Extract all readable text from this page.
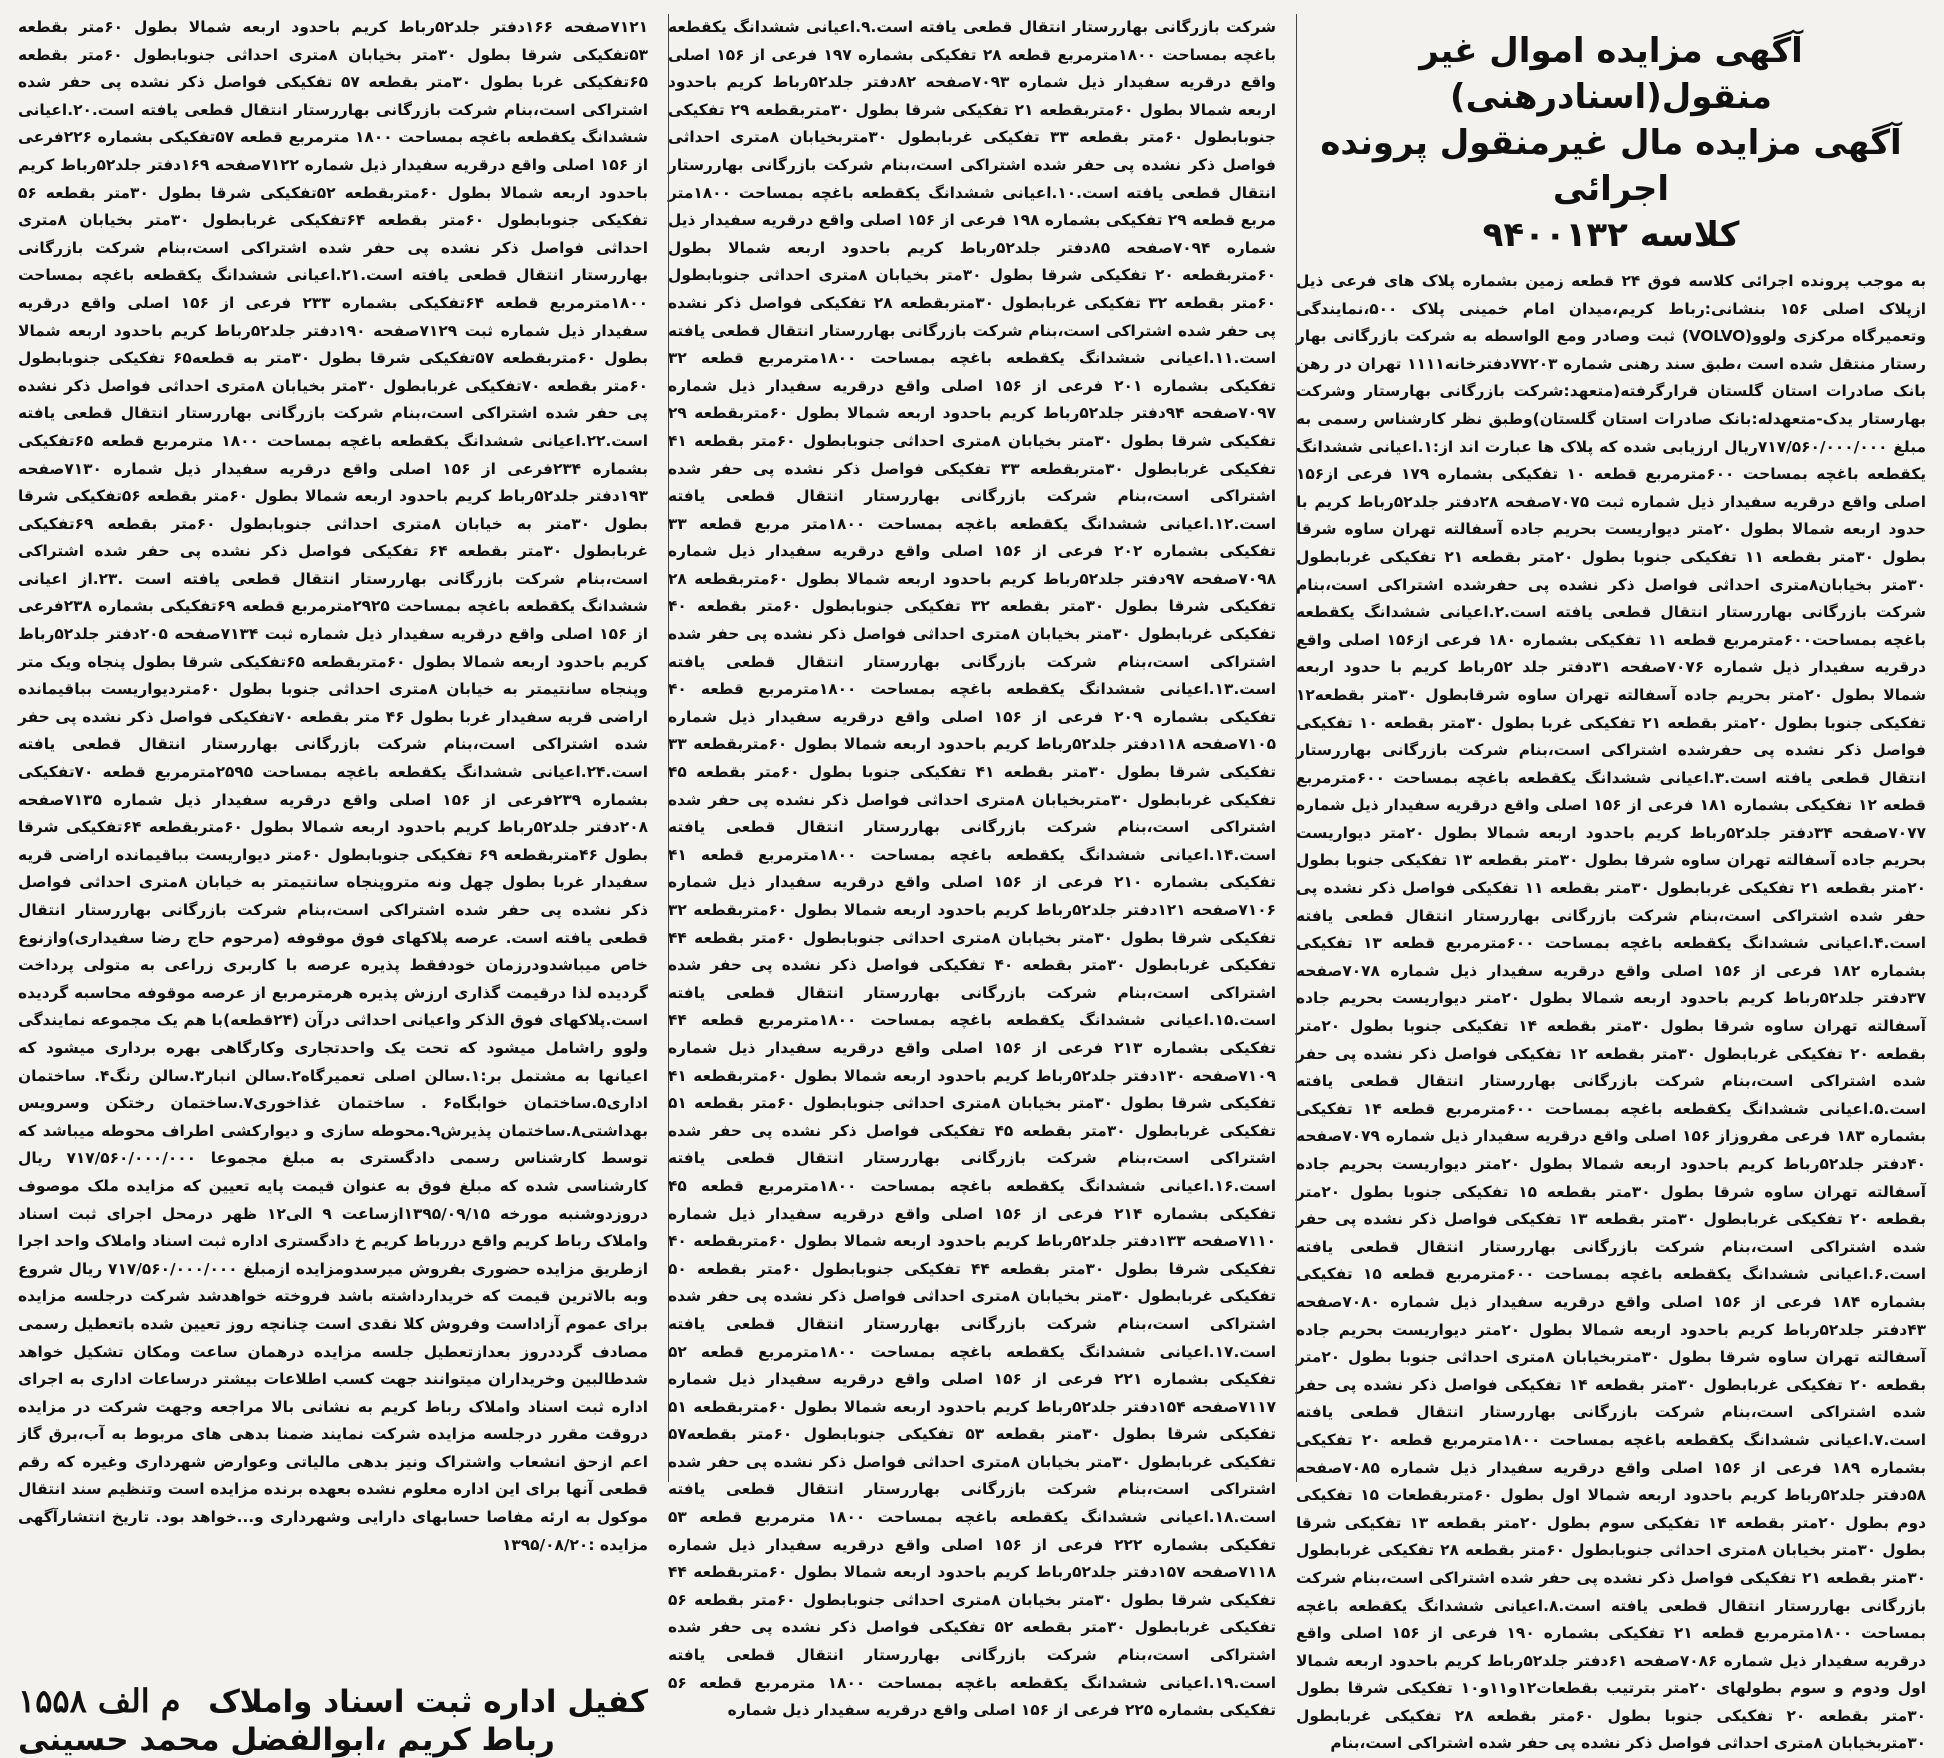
آگهی مزایده اموال غیر منقول(اسنادرهنی)

آگهی مزایده مال غیرمنقول پرونده اجرائی

کلاسه ۹۴۰۰۱۳۲

به موجب پرونده اجرائی کلاسه فوق ۲۴ قطعه زمین بشماره پلاک های فرعی ذیل ازپلاک اصلی ۱۵۶ بنشانی:رباط کریم،میدان امام خمینی پلاک ۵۰۰،نمایندگی وتعمیرگاه مرکزی ولوو(VOLVO) ثبت وصادر ومع الواسطه به شرکت بازرگانی بهار رستار منتقل شده است ،طبق سند رهنی شماره ۷۷۲۰۳دفترخانه۱۱۱۱ تهران در رهن بانک صادرات استان گلستان قرارگرفته(متعهد:شرکت بازرگانی بهارستار وشرکت بهارستار یدک-متعهدله:بانک صادرات استان گلستان)وطبق نظر کارشناس رسمی به مبلغ ۷۱۷/۵۶۰/۰۰۰/۰۰۰ریال ارزیابی شده که پلاک ها عبارت اند از:۱.اعیانی ششدانگ یکقطعه باغچه بمساحت ۶۰۰مترمربع قطعه ۱۰ تفکیکی بشماره ۱۷۹ فرعی از۱۵۶ اصلی واقع درقریه سفیدار ذیل شماره ثبت ۷۰۷۵صفحه ۲۸دفتر جلد۵۲رباط کریم با حدود اربعه شمالا بطول ۲۰متر دیواریست بحریم جاده آسفالته تهران ساوه شرقا بطول ۳۰متر بقطعه ۱۱ تفکیکی جنوبا بطول ۲۰متر بقطعه ۲۱ تفکیکی غربابطول ۳۰متر بخیابان۸متری احداثی فواصل ذکر نشده پی حفرشده اشتراکی است،بنام شرکت بازرگانی بهاررستار انتقال قطعی یافته است.۲.اعیانی ششدانگ یکقطعه باغچه بمساحت۶۰۰مترمربع قطعه ۱۱ تفکیکی بشماره ۱۸۰ فرعی از۱۵۶ اصلی واقع درقریه سفیدار ذیل شماره ۷۰۷۶صفحه ۳۱دفتر جلد ۵۲رباط کریم با حدود اربعه شمالا بطول ۲۰متر بحریم جاده آسفالته تهران ساوه شرقابطول ۳۰متر بقطعه۱۲ تفکیکی جنوبا بطول ۲۰متر بقطعه ۲۱ تفکیکی غربا بطول ۳۰متر بقطعه ۱۰ تفکیکی فواصل ذکر نشده پی حفرشده اشتراکی است،بنام شرکت بازرگانی بهاررستار انتقال قطعی یافته است.۳.اعیانی ششدانگ یکقطعه باغچه بمساحت ۶۰۰مترمربع قطعه ۱۲ تفکیکی بشماره ۱۸۱ فرعی از ۱۵۶ اصلی واقع درقریه سفیدار ذیل شماره ۷۰۷۷صفحه ۳۴دفتر جلد۵۲رباط کریم باحدود اربعه شمالا بطول ۲۰متر دیواریست بحریم جاده آسفالته تهران ساوه شرقا بطول ۳۰متر بقطعه ۱۳ تفکیکی جنوبا بطول ۲۰متر بقطعه ۲۱ تفکیکی غربابطول ۳۰متر بقطعه ۱۱ تفکیکی فواصل ذکر نشده پی حفر شده اشتراکی است،بنام شرکت بازرگانی بهاررستار انتقال قطعی یافته است.۴.اعیانی ششدانگ یکقطعه باغچه بمساحت ۶۰۰مترمربع قطعه ۱۳ تفکیکی بشماره ۱۸۲ فرعی از ۱۵۶ اصلی واقع درقریه سفیدار ذیل شماره ۷۰۷۸صفحه ۳۷دفتر جلد۵۲رباط کریم باحدود اربعه شمالا بطول ۲۰متر دیواریست بحریم جاده آسفالته تهران ساوه شرقا بطول ۳۰متر بقطعه ۱۴ تفکیکی جنوبا بطول ۲۰متر بقطعه ۲۰ تفکیکی غربابطول ۳۰متر بقطعه ۱۲ تفکیکی فواصل ذکر نشده پی حفر شده اشتراکی است،بنام شرکت بازرگانی بهاررستار انتقال قطعی یافته است.۵.اعیانی ششدانگ یکقطعه باغچه بمساحت ۶۰۰مترمربع قطعه ۱۴ تفکیکی بشماره ۱۸۳ فرعی مفروزاز ۱۵۶ اصلی واقع درقریه سفیدار ذیل شماره ۷۰۷۹صفحه ۴۰دفتر جلد۵۲رباط کریم باحدود اربعه شمالا بطول ۲۰متر دیواریست بحریم جاده آسفالته تهران ساوه شرقا بطول ۳۰متر بقطعه ۱۵ تفکیکی جنوبا بطول ۲۰متر بقطعه ۲۰ تفکیکی غربابطول ۳۰متر بقطعه ۱۳ تفکیکی فواصل ذکر نشده پی حفر شده اشتراکی است،بنام شرکت بازرگانی بهاررستار انتقال قطعی یافته است.۶.اعیانی ششدانگ یکقطعه باغچه بمساحت ۶۰۰مترمربع قطعه ۱۵ تفکیکی بشماره ۱۸۴ فرعی از ۱۵۶ اصلی واقع درقریه سفیدار ذیل شماره ۷۰۸۰صفحه ۴۳دفتر جلد۵۲رباط کریم باحدود اربعه شمالا بطول ۲۰متر دیواریست بحریم جاده آسفالته تهران ساوه شرقا بطول ۳۰متربخیابان ۸متری احداثی جنوبا بطول ۲۰متر بقطعه ۲۰ تفکیکی غربابطول ۳۰متر بقطعه ۱۴ تفکیکی فواصل ذکر نشده پی حفر شده اشتراکی است،بنام شرکت بازرگانی بهاررستار انتقال قطعی یافته است.۷.اعیانی ششدانگ یکقطعه باغچه بمساحت ۱۸۰۰مترمربع قطعه ۲۰ تفکیکی بشماره ۱۸۹ فرعی از ۱۵۶ اصلی واقع درقریه سفیدار ذیل شماره ۷۰۸۵صفحه ۵۸دفتر جلد۵۲رباط کریم باحدود اربعه شمالا اول بطول ۶۰متربقطعات ۱۵ تفکیکی دوم بطول ۲۰متر بقطعه ۱۴ تفکیکی سوم بطول ۲۰متر بقطعه ۱۳ تفکیکی شرقا بطول ۳۰متر بخیابان ۸متری احداثی جنوبابطول ۶۰متر بقطعه ۲۸ تفکیکی غربابطول ۳۰متر بقطعه ۲۱ تفکیکی فواصل ذکر نشده پی حفر شده اشتراکی است،بنام شرکت بازرگانی بهاررستار انتقال قطعی یافته است.۸.اعیانی ششدانگ یکقطعه باغچه بمساحت ۱۸۰۰مترمربع قطعه ۲۱ تفکیکی بشماره ۱۹۰ فرعی از ۱۵۶ اصلی واقع درقریه سفیدار ذیل شماره ۷۰۸۶صفحه ۶۱دفتر جلد۵۲رباط کریم باحدود اربعه شمالا اول ودوم و سوم بطولهای ۲۰متر بترتیب بقطعات۱۲و۱۱و۱۰ تفکیکی شرقا بطول ۳۰متر بقطعه ۲۰ تفکیکی جنوبا بطول ۶۰متر بقطعه ۲۸ تفکیکی غربابطول ۳۰متربخیابان ۸متری احداثی فواصل ذکر نشده پی حفر شده اشتراکی است،بنام

شرکت بازرگانی بهاررستار انتقال قطعی یافته است.۹.اعیانی ششدانگ یکقطعه باغچه بمساحت ۱۸۰۰مترمربع قطعه ۲۸ تفکیکی بشماره ۱۹۷ فرعی از ۱۵۶ اصلی واقع درقریه سفیدار ذیل شماره ۷۰۹۳صفحه ۸۲دفتر جلد۵۲رباط کریم باحدود اربعه شمالا بطول ۶۰متربقطعه ۲۱ تفکیکی شرقا بطول ۳۰متربقطعه ۲۹ تفکیکی جنوبابطول ۶۰متر بقطعه ۳۳ تفکیکی غربابطول ۳۰متربخیابان ۸متری احداثی فواصل ذکر نشده پی حفر شده اشتراکی است،بنام شرکت بازرگانی بهاررستار انتقال قطعی یافته است.۱۰.اعیانی ششدانگ یکقطعه باغچه بمساحت ۱۸۰۰متر مربع قطعه ۲۹ تفکیکی بشماره ۱۹۸ فرعی از ۱۵۶ اصلی واقع درقریه سفیدار ذیل شماره ۷۰۹۴صفحه ۸۵دفتر جلد۵۲رباط کریم باحدود اربعه شمالا بطول ۶۰متربقطعه ۲۰ تفکیکی شرقا بطول ۳۰متر بخیابان ۸متری احداثی جنوبابطول ۶۰متر بقطعه ۳۲ تفکیکی غربابطول ۳۰متربقطعه ۲۸ تفکیکی فواصل ذکر نشده پی حفر شده اشتراکی است،بنام شرکت بازرگانی بهاررستار انتقال قطعی یافته است.۱۱.اعیانی ششدانگ یکقطعه باغچه بمساحت ۱۸۰۰مترمربع قطعه ۳۲ تفکیکی بشماره ۲۰۱ فرعی از ۱۵۶ اصلی واقع درقریه سفیدار ذیل شماره ۷۰۹۷صفحه ۹۴دفتر جلد۵۲رباط کریم باحدود اربعه شمالا بطول ۶۰متربقطعه ۲۹ تفکیکی شرقا بطول ۳۰متر بخیابان ۸متری احداثی جنوبابطول ۶۰متر بقطعه ۴۱ تفکیکی غربابطول ۳۰متربقطعه ۳۳ تفکیکی فواصل ذکر نشده پی حفر شده اشتراکی است،بنام شرکت بازرگانی بهاررستار انتقال قطعی یافته است.۱۲.اعیانی ششدانگ یکقطعه باغچه بمساحت ۱۸۰۰متر مربع قطعه ۳۳ تفکیکی بشماره ۲۰۲ فرعی از ۱۵۶ اصلی واقع درقریه سفیدار ذیل شماره ۷۰۹۸صفحه ۹۷دفتر جلد۵۲رباط کریم باحدود اربعه شمالا بطول ۶۰متربقطعه ۲۸ تفکیکی شرقا بطول ۳۰متر بقطعه ۳۲ تفکیکی جنوبابطول ۶۰متر بقطعه ۴۰ تفکیکی غربابطول ۳۰متر بخیابان ۸متری احداثی فواصل ذکر نشده پی حفر شده اشتراکی است،بنام شرکت بازرگانی بهاررستار انتقال قطعی یافته است.۱۳.اعیانی ششدانگ یکقطعه باغچه بمساحت ۱۸۰۰مترمربع قطعه ۴۰ تفکیکی بشماره ۲۰۹ فرعی از ۱۵۶ اصلی واقع درقریه سفیدار ذیل شماره ۷۱۰۵صفحه ۱۱۸دفتر جلد۵۲رباط کریم باحدود اربعه شمالا بطول ۶۰متربقطعه ۳۳ تفکیکی شرقا بطول ۳۰متر بقطعه ۴۱ تفکیکی جنوبا بطول ۶۰متر بقطعه ۴۵ تفکیکی غربابطول ۳۰متربخیابان ۸متری احداثی فواصل ذکر نشده پی حفر شده اشتراکی است،بنام شرکت بازرگانی بهاررستار انتقال قطعی یافته است.۱۴.اعیانی ششدانگ یکقطعه باغچه بمساحت ۱۸۰۰مترمربع قطعه ۴۱ تفکیکی بشماره ۲۱۰ فرعی از ۱۵۶ اصلی واقع درقریه سفیدار ذیل شماره ۷۱۰۶صفحه ۱۲۱دفتر جلد۵۲رباط کریم باحدود اربعه شمالا بطول ۶۰متربقطعه ۳۲ تفکیکی شرقا بطول ۳۰متر بخیابان ۸متری احداثی جنوبابطول ۶۰متر بقطعه ۴۴ تفکیکی غربابطول ۳۰متر بقطعه ۴۰ تفکیکی فواصل ذکر نشده پی حفر شده اشتراکی است،بنام شرکت بازرگانی بهاررستار انتقال قطعی یافته است.۱۵.اعیانی ششدانگ یکقطعه باغچه بمساحت ۱۸۰۰مترمربع قطعه ۴۴ تفکیکی بشماره ۲۱۳ فرعی از ۱۵۶ اصلی واقع درقریه سفیدار ذیل شماره ۷۱۰۹صفحه ۱۳۰دفتر جلد۵۲رباط کریم باحدود اربعه شمالا بطول ۶۰متربقطعه ۴۱ تفکیکی شرقا بطول ۳۰متر بخیابان ۸متری احداثی جنوبابطول ۶۰متر بقطعه ۵۱ تفکیکی غربابطول ۳۰متر بقطعه ۴۵ تفکیکی فواصل ذکر نشده پی حفر شده اشتراکی است،بنام شرکت بازرگانی بهاررستار انتقال قطعی یافته است.۱۶.اعیانی ششدانگ یکقطعه باغچه بمساحت ۱۸۰۰مترمربع قطعه ۴۵ تفکیکی بشماره ۲۱۴ فرعی از ۱۵۶ اصلی واقع درقریه سفیدار ذیل شماره ۷۱۱۰صفحه ۱۳۳دفتر جلد۵۲رباط کریم باحدود اربعه شمالا بطول ۶۰متربقطعه ۴۰ تفکیکی شرقا بطول ۳۰متر بقطعه ۴۴ تفکیکی جنوبابطول ۶۰متر بقطعه ۵۰ تفکیکی غربابطول ۳۰متر بخیابان ۸متری احداثی فواصل ذکر نشده پی حفر شده اشتراکی است،بنام شرکت بازرگانی بهاررستار انتقال قطعی یافته است.۱۷.اعیانی ششدانگ یکقطعه باغچه بمساحت ۱۸۰۰مترمربع قطعه ۵۲ تفکیکی بشماره ۲۲۱ فرعی از ۱۵۶ اصلی واقع درقریه سفیدار ذیل شماره ۷۱۱۷صفحه ۱۵۴دفتر جلد۵۲رباط کریم باحدود اربعه شمالا بطول ۶۰متربقطعه ۵۱ تفکیکی شرقا بطول ۳۰متر بقطعه ۵۳ تفکیکی جنوبابطول ۶۰متر بقطعه۵۷ تفکیکی غربابطول ۳۰متر بخیابان ۸متری احداثی فواصل ذکر نشده پی حفر شده اشتراکی است،بنام شرکت بازرگانی بهاررستار انتقال قطعی یافته است.۱۸.اعیانی ششدانگ یکقطعه باغچه بمساحت ۱۸۰۰ مترمربع قطعه ۵۳ تفکیکی بشماره ۲۲۲ فرعی از ۱۵۶ اصلی واقع درقریه سفیدار ذیل شماره ۷۱۱۸صفحه ۱۵۷دفتر جلد۵۲رباط کریم باحدود اربعه شمالا بطول ۶۰متربقطعه ۴۴ تفکیکی شرقا بطول ۳۰متر بخیابان ۸متری احداثی جنوبابطول ۶۰متر بقطعه ۵۶ تفکیکی غربابطول ۳۰متر بقطعه ۵۲ تفکیکی فواصل ذکر نشده پی حفر شده اشتراکی است،بنام شرکت بازرگانی بهاررستار انتقال قطعی یافته است.۱۹.اعیانی ششدانگ یکقطعه باغچه بمساحت ۱۸۰۰ مترمربع قطعه ۵۶ تفکیکی بشماره ۲۲۵ فرعی از ۱۵۶ اصلی واقع درقریه سفیدار ذیل شماره

۷۱۲۱صفحه ۱۶۶دفتر جلد۵۲رباط کریم باحدود اربعه شمالا بطول ۶۰متر بقطعه ۵۳تفکیکی شرقا بطول ۳۰متر بخیابان ۸متری احداثی جنوبابطول ۶۰متر بقطعه ۶۵تفکیکی غربا بطول ۳۰متر بقطعه ۵۷ تفکیکی فواصل ذکر نشده پی حفر شده اشتراکی است،بنام شرکت بازرگانی بهاررستار انتقال قطعی یافته است.۲۰.اعیانی ششدانگ یکقطعه باغچه بمساحت ۱۸۰۰ مترمربع قطعه ۵۷تفکیکی بشماره ۲۲۶فرعی از ۱۵۶ اصلی واقع درقریه سفیدار ذیل شماره ۷۱۲۲صفحه ۱۶۹دفتر جلد۵۲رباط کریم باحدود اربعه شمالا بطول ۶۰متربقطعه ۵۲تفکیکی شرقا بطول ۳۰متر بقطعه ۵۶ تفکیکی جنوبابطول ۶۰متر بقطعه ۶۴تفکیکی غربابطول ۳۰متر بخیابان ۸متری احداثی فواصل ذکر نشده پی حفر شده اشتراکی است،بنام شرکت بازرگانی بهاررستار انتقال قطعی یافته است.۲۱.اعیانی ششدانگ یکقطعه باغچه بمساحت ۱۸۰۰مترمربع قطعه ۶۴تفکیکی بشماره ۲۳۳ فرعی از ۱۵۶ اصلی واقع درقریه سفیدار ذیل شماره ثبت ۷۱۲۹صفحه ۱۹۰دفتر جلد۵۲رباط کریم باحدود اربعه شمالا بطول ۶۰متربقطعه ۵۷تفکیکی شرقا بطول ۳۰متر به قطعه۶۵ تفکیکی جنوبابطول ۶۰متر بقطعه ۷۰تفکیکی غربابطول ۳۰متر بخیابان ۸متری احداثی فواصل ذکر نشده پی حفر شده اشتراکی است،بنام شرکت بازرگانی بهاررستار انتقال قطعی یافته است.۲۲.اعیانی ششدانگ یکقطعه باغچه بمساحت ۱۸۰۰ مترمربع قطعه ۶۵تفکیکی بشماره ۲۳۴فرعی از ۱۵۶ اصلی واقع درقریه سفیدار ذیل شماره ۷۱۳۰صفحه ۱۹۳دفتر جلد۵۲رباط کریم باحدود اربعه شمالا بطول ۶۰متر بقطعه ۵۶تفکیکی شرقا بطول ۳۰متر به خیابان ۸متری احداثی جنوبابطول ۶۰متر بقطعه ۶۹تفکیکی غربابطول ۳۰متر بقطعه ۶۴ تفکیکی فواصل ذکر نشده پی حفر شده اشتراکی است،بنام شرکت بازرگانی بهاررستار انتقال قطعی یافته است .۲۳.از اعیانی ششدانگ یکقطعه باغچه بمساحت ۲۹۲۵مترمربع قطعه ۶۹تفکیکی بشماره ۲۳۸فرعی از ۱۵۶ اصلی واقع درقریه سفیدار ذیل شماره ثبت ۷۱۳۴صفحه ۲۰۵دفتر جلد۵۲رباط کریم باحدود اربعه شمالا بطول ۶۰متربقطعه ۶۵تفکیکی شرقا بطول پنجاه ویک متر وپنجاه سانتیمتر به خیابان ۸متری احداثی جنوبا بطول ۶۰متردیواریست بباقیمانده اراضی قریه سفیدار غربا بطول ۴۶ متر بقطعه ۷۰تفکیکی فواصل ذکر نشده پی حفر شده اشتراکی است،بنام شرکت بازرگانی بهاررستار انتقال قطعی یافته است.۲۴.اعیانی ششدانگ یکقطعه باغچه بمساحت ۲۵۹۵مترمربع قطعه ۷۰تفکیکی بشماره ۲۳۹فرعی از ۱۵۶ اصلی واقع درقریه سفیدار ذیل شماره ۷۱۳۵صفحه ۲۰۸دفتر جلد۵۲رباط کریم باحدود اربعه شمالا بطول ۶۰متربقطعه ۶۴تفکیکی شرقا بطول ۴۶متربقطعه ۶۹ تفکیکی جنوبابطول ۶۰متر دیواریست بباقیمانده اراضی قریه سفیدار غربا بطول چهل ونه متروپنجاه سانتیمتر به خیابان ۸متری احداثی فواصل ذکر نشده پی حفر شده اشتراکی است،بنام شرکت بازرگانی بهاررستار انتقال قطعی یافته است. عرصه پلاکهای فوق موقوفه (مرحوم حاج رضا سفیداری)وازنوع خاص میباشدودرزمان خودفقط پذیره عرصه با کاربری زراعی به متولی پرداخت گردیده لذا درقیمت گذاری ارزش پذیره هرمترمربع از عرصه موقوفه محاسبه گردیده است.پلاکهای فوق الذکر واعیانی احداثی درآن (۲۴قطعه)با هم یک مجموعه نمایندگی ولوو راشامل میشود که تحت یک واحدتجاری وکارگاهی بهره برداری میشود که اعیانها به مشتمل بر:۱.سالن اصلی تعمیرگاه۲.سالن انبار۳.سالن رنگ۴. ساختمان اداری۵.ساختمان خوابگاه۶ . ساختمان غذاخوری۷.ساختمان رختکن وسرویس بهداشتی۸.ساختمان پذیرش۹.محوطه سازی و دیوارکشی اطراف محوطه میباشد که توسط کارشناس رسمی دادگستری به مبلغ مجموعا ۷۱۷/۵۶۰/۰۰۰/۰۰۰ ریال کارشناسی شده که مبلغ فوق به عنوان قیمت پایه تعیین که مزایده ملک موصوف دروزدوشنبه مورخه ۱۳۹۵/۰۹/۱۵ازساعت ۹ الی۱۲ ظهر درمحل اجرای ثبت اسناد واملاک رباط کریم واقع دررباط کریم خ دادگستری اداره ثبت اسناد واملاک واحد اجرا ازطریق مزایده حضوری بفروش میرسدومزایده ازمبلغ ۷۱۷/۵۶۰/۰۰۰/۰۰۰ ریال شروع وبه بالاترین قیمت که خریدارداشته باشد فروخته خواهدشد شرکت درجلسه مزایده برای عموم آزاداست وفروش کلا نقدی است چنانچه روز تعیین شده باتعطیل رسمی مصادف گرددروز بعدازتعطیل جلسه مزایده درهمان ساعت ومکان تشکیل خواهد شدطالبین وخریداران میتوانند جهت کسب اطلاعات بیشتر درساعات اداری به اجرای اداره ثبت اسناد واملاک رباط کریم به نشانی بالا مراجعه وجهت شرکت در مزایده دروقت مقرر درجلسه مزایده شرکت نمایند ضمنا بدهی های مربوط به آب،برق گاز اعم ازحق انشعاب واشتراک ونیز بدهی مالیاتی وعوارض شهرداری وغیره که رقم قطعی آنها برای این اداره معلوم نشده بعهده برنده مزایده است وتنظیم سند انتقال موکول به ارئه مفاصا حسابهای دارایی وشهرداری و...خواهد بود. تاریخ انتشارآگهی مزایده :۱۳۹۵/۰۸/۲۰

کفیل اداره ثبت اسناد واملاک
م الف ۱۵۵۸
رباط کریم ،ابوالفضل محمد حسینی
